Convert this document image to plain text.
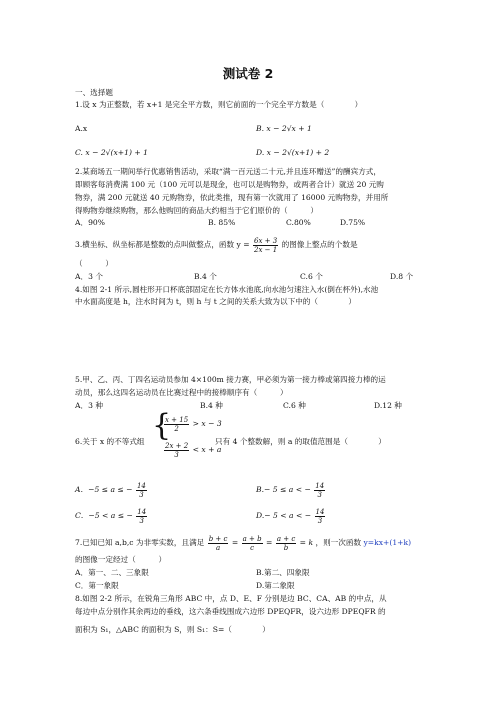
测试卷 2
一、选择题
1.设 x 为正整数，若 x+1 是完全平方数，则它前面的一个完全平方数是（　　　　）
A.x	B. x − 2√x + 1
C. x − 2√(x+1) + 1	D. x − 2√(x+1) + 2
2.某商场五一期间举行优惠销售活动，采取“满一百元送二十元,并且连环赠送”的酬宾方式，
即顾客每消费满 100 元（100 元可以是现金，也可以是购物券，或两者合计）就送 20 元购
物券，满 200 元就送 40 元购物券，依此类推，现有第一次就用了 16000 元购物券，并用所
得购物券继续购物，那么他购回的商品大约相当于它们原价的（　　　）
A．90%	B. 85%	C.80%	D.75%
3.横坐标、纵坐标都是整数的点叫做整点，函数 $y = \frac{6x + 3}{2x - 1}$ 的图像上整点的个数是
（　　　）
A．3 个	B.4 个	C.6 个	D.8 个
4.如图 2-1 所示,圆柱形开口杯底部固定在长方体水池底,向水池匀速注入水(倒在杯外),水池
中水面高度是 h，注水时间为 t，则 h 与 t 之间的关系大致为以下中的（　　　　）
5.甲、乙、丙、丁四名运动员参加 4×100m 接力赛，甲必须为第一接力棒或第四接力棒的运
动员，那么这四名运动员在比赛过程中的接棒顺序有（　　　）
A．3 种	B.4 种	C.6 种	D.12 种
6.关于 x 的不等式组 {
$\frac{x + 15}{2} > x - 3$
$\frac{2x + 2}{3} < x + a$
只有 4 个整数解，则 a 的取值范围是（　　　　）
A．−5 ≤ a ≤ − $\frac{14}{3}$	B.− 5 ≤ a < − $\frac{14}{3}$
C．−5 < a ≤ − $\frac{14}{3}$	D.− 5 < a < − $\frac{14}{3}$
7.已知已知 a,b,c 为非零实数，且满足 $\frac{b + c}{a} = \frac{a + b}{c} = \frac{a + c}{b} = k$ ，则一次函数 y=kx+(1+k)
的图像一定经过（　　　）
A．第一、二、三象限	B.第二、四象限
C．第一象限	D.第二象限
8.如图 2-2 所示，在锐角三角形 ABC 中，点 D、E、F 分别是边 BC、CA、AB 的中点，从
每边中点分别作其余两边的垂线，这六条垂线围成六边形 DPEQFR，设六边形 DPEQFR 的
面积为 S₁，△ABC 的面积为 S，则 S₁：S=（　　　　）
